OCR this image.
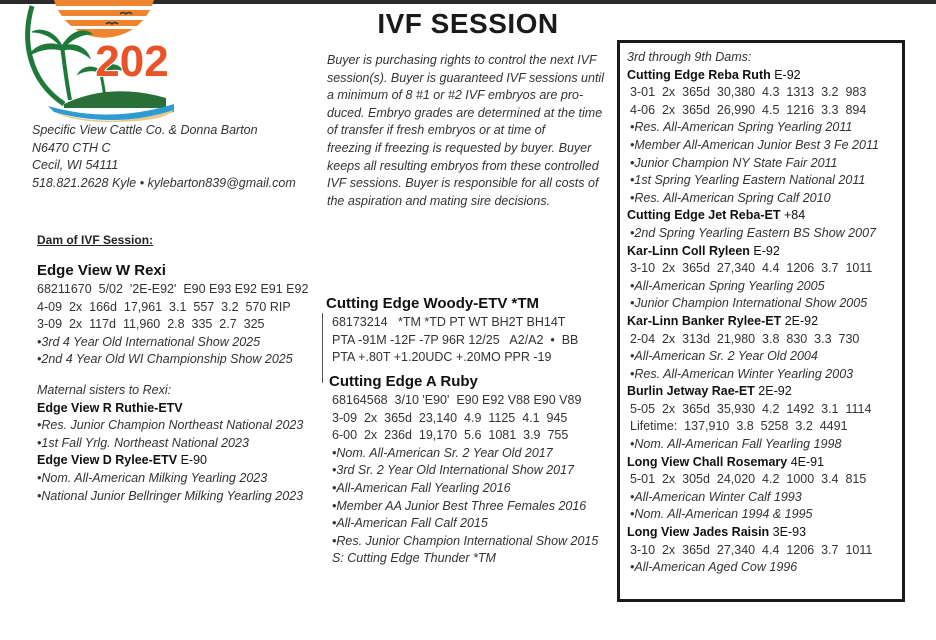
202
IVF SESSION
Specific View Cattle Co. & Donna Barton
N6470 CTH C
Cecil, WI 54111
518.821.2628 Kyle • kylebarton839@gmail.com
Buyer is purchasing rights to control the next IVF
session(s). Buyer is guaranteed IVF sessions until
a minimum of 8 #1 or #2 IVF embryos are pro-
duced. Embryo grades are determined at the time
of transfer if fresh embryos or at time of
freezing if freezing is requested by buyer. Buyer
keeps all resulting embryos from these controlled
IVF sessions. Buyer is responsible for all costs of
the aspiration and mating sire decisions.
Dam of IVF Session:
Edge View W Rexi
68211670  5/02  '2E-E92'  E90 E93 E92 E91 E92
4-09  2x  166d  17,961  3.1  557  3.2  570 RIP
3-09  2x  117d  11,960  2.8  335  2.7  325
•3rd 4 Year Old International Show 2025
•2nd 4 Year Old WI Championship Show 2025
Maternal sisters to Rexi:
Edge View R Ruthie-ETV
•Res. Junior Champion Northeast National 2023
•1st Fall Yrlg. Northeast National 2023
Edge View D Rylee-ETV E-90
•Nom. All-American Milking Yearling 2023
•National Junior Bellringer Milking Yearling 2023
Cutting Edge Woody-ETV *TM
68173214   *TM *TD PT WT BH2T BH14T
PTA -91M -12F -7P 96R 12/25   A2/A2  •  BB
PTA +.80T +1.20UDC +.20MO PPR -19
Cutting Edge A Ruby
68164568  3/10 'E90'  E90 E92 V88 E90 V89
3-09  2x  365d  23,140  4.9  1125  4.1  945
6-00  2x  236d  19,170  5.6  1081  3.9  755
•Nom. All-American Sr. 2 Year Old 2017
•3rd Sr. 2 Year Old International Show 2017
•All-American Fall Yearling 2016
•Member AA Junior Best Three Females 2016
•All-American Fall Calf 2015
•Res. Junior Champion International Show 2015
S: Cutting Edge Thunder *TM
3rd through 9th Dams:
Cutting Edge Reba Ruth E-92
3-01  2x  365d  30,380  4.3  1313  3.2  983
4-06  2x  365d  26,990  4.5  1216  3.3  894
•Res. All-American Spring Yearling 2011
•Member All-American Junior Best 3 Fe 2011
•Junior Champion NY State Fair 2011
•1st Spring Yearling Eastern National 2011
•Res. All-American Spring Calf 2010
Cutting Edge Jet Reba-ET +84
•2nd Spring Yearling Eastern BS Show 2007
Kar-Linn Coll Ryleen E-92
3-10  2x  365d  27,340  4.4  1206  3.7  1011
•All-American Spring Yearling 2005
•Junior Champion International Show 2005
Kar-Linn Banker Rylee-ET 2E-92
2-04  2x  313d  21,980  3.8  830  3.3  730
•All-American Sr. 2 Year Old 2004
•Res. All-American Winter Yearling 2003
Burlin Jetway Rae-ET 2E-92
5-05  2x  365d  35,930  4.2  1492  3.1  1114
Lifetime:  137,910  3.8  5258  3.2  4491
•Nom. All-American Fall Yearling 1998
Long View Chall Rosemary 4E-91
5-01  2x  305d  24,020  4.2  1000  3.4  815
•All-American Winter Calf 1993
•Nom. All-American 1994 & 1995
Long View Jades Raisin 3E-93
3-10  2x  365d  27,340  4.4  1206  3.7  1011
•All-American Aged Cow 1996
